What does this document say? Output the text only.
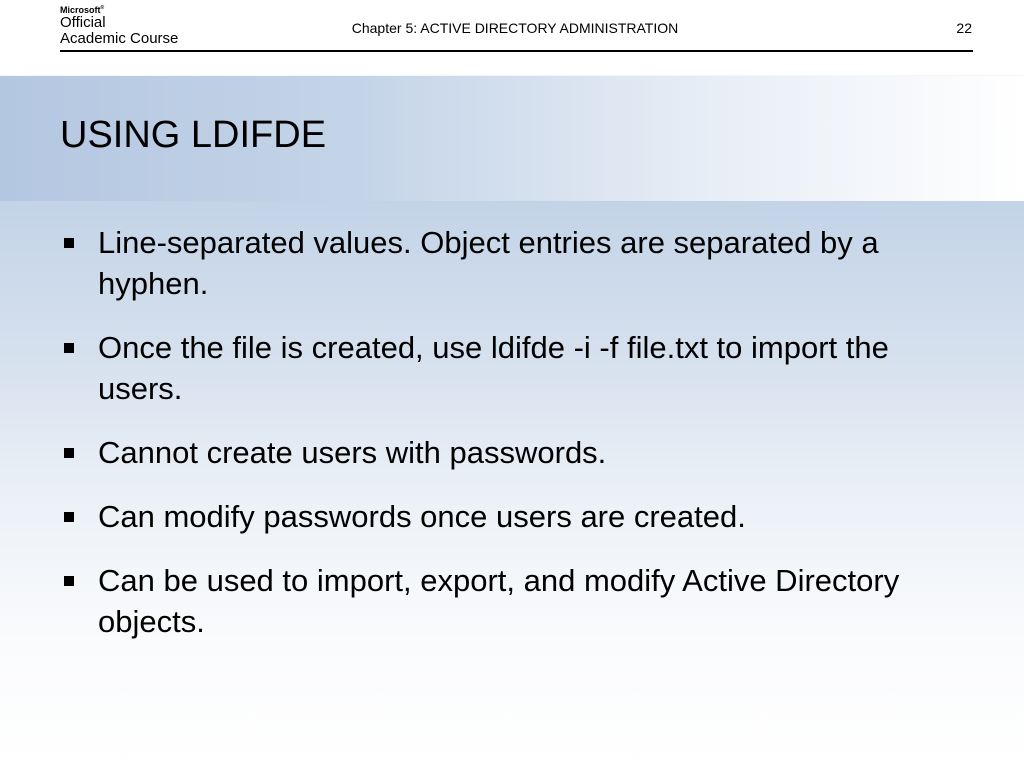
Microsoft®
Official
Academic Course
Chapter 5: ACTIVE DIRECTORY ADMINISTRATION	22
USING LDIFDE
Line-separated values. Object entries are separated by a hyphen.
Once the file is created, use ldifde -i -f file.txt to import the users.
Cannot create users with passwords.
Can modify passwords once users are created.
Can be used to import, export, and modify Active Directory objects.
